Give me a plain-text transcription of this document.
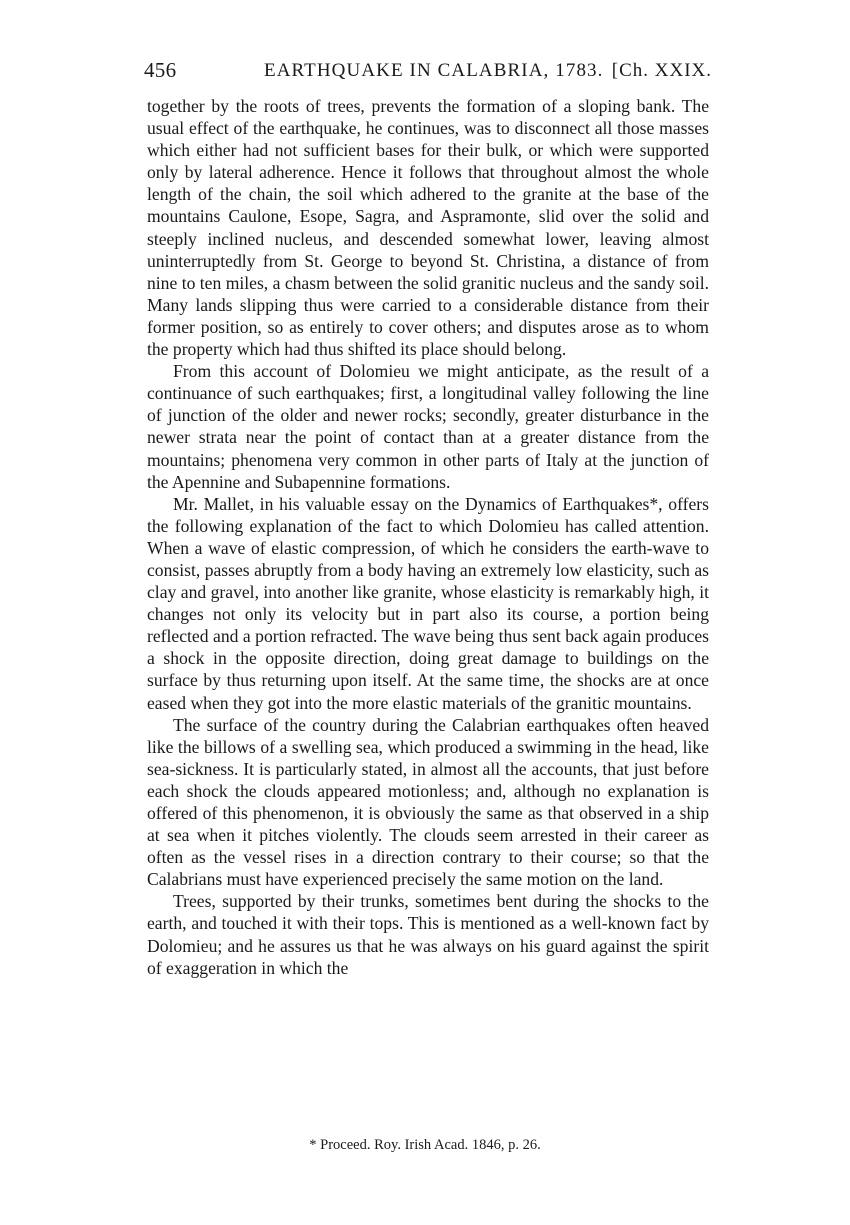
456	EARTHQUAKE IN CALABRIA, 1783. [Ch. XXIX.

together by the roots of trees, prevents the formation of a sloping bank. The usual effect of the earthquake, he continues, was to disconnect all those masses which either had not sufficient bases for their bulk, or which were supported only by lateral adherence. Hence it follows that throughout almost the whole length of the chain, the soil which adhered to the granite at the base of the mountains Caulone, Esope, Sagra, and Aspramonte, slid over the solid and steeply inclined nucleus, and descended somewhat lower, leaving almost uninterruptedly from St. George to beyond St. Christina, a distance of from nine to ten miles, a chasm between the solid granitic nucleus and the sandy soil. Many lands slipping thus were carried to a considerable distance from their former position, so as entirely to cover others; and disputes arose as to whom the property which had thus shifted its place should belong.

From this account of Dolomieu we might anticipate, as the result of a continuance of such earthquakes; first, a longitudinal valley following the line of junction of the older and newer rocks; secondly, greater disturbance in the newer strata near the point of contact than at a greater distance from the mountains; phenomena very common in other parts of Italy at the junction of the Apennine and Subapennine formations.

Mr. Mallet, in his valuable essay on the Dynamics of Earthquakes*, offers the following explanation of the fact to which Dolomieu has called attention. When a wave of elastic compression, of which he considers the earth-wave to consist, passes abruptly from a body having an extremely low elasticity, such as clay and gravel, into another like granite, whose elasticity is remarkably high, it changes not only its velocity but in part also its course, a portion being reflected and a portion refracted. The wave being thus sent back again produces a shock in the opposite direction, doing great damage to buildings on the surface by thus returning upon itself. At the same time, the shocks are at once eased when they got into the more elastic materials of the granitic mountains.

The surface of the country during the Calabrian earthquakes often heaved like the billows of a swelling sea, which produced a swimming in the head, like sea-sickness. It is particularly stated, in almost all the accounts, that just before each shock the clouds appeared motionless; and, although no explanation is offered of this phenomenon, it is obviously the same as that observed in a ship at sea when it pitches violently. The clouds seem arrested in their career as often as the vessel rises in a direction contrary to their course; so that the Calabrians must have experienced precisely the same motion on the land.

Trees, supported by their trunks, sometimes bent during the shocks to the earth, and touched it with their tops. This is mentioned as a well-known fact by Dolomieu; and he assures us that he was always on his guard against the spirit of exaggeration in which the

* Proceed. Roy. Irish Acad. 1846, p. 26.
